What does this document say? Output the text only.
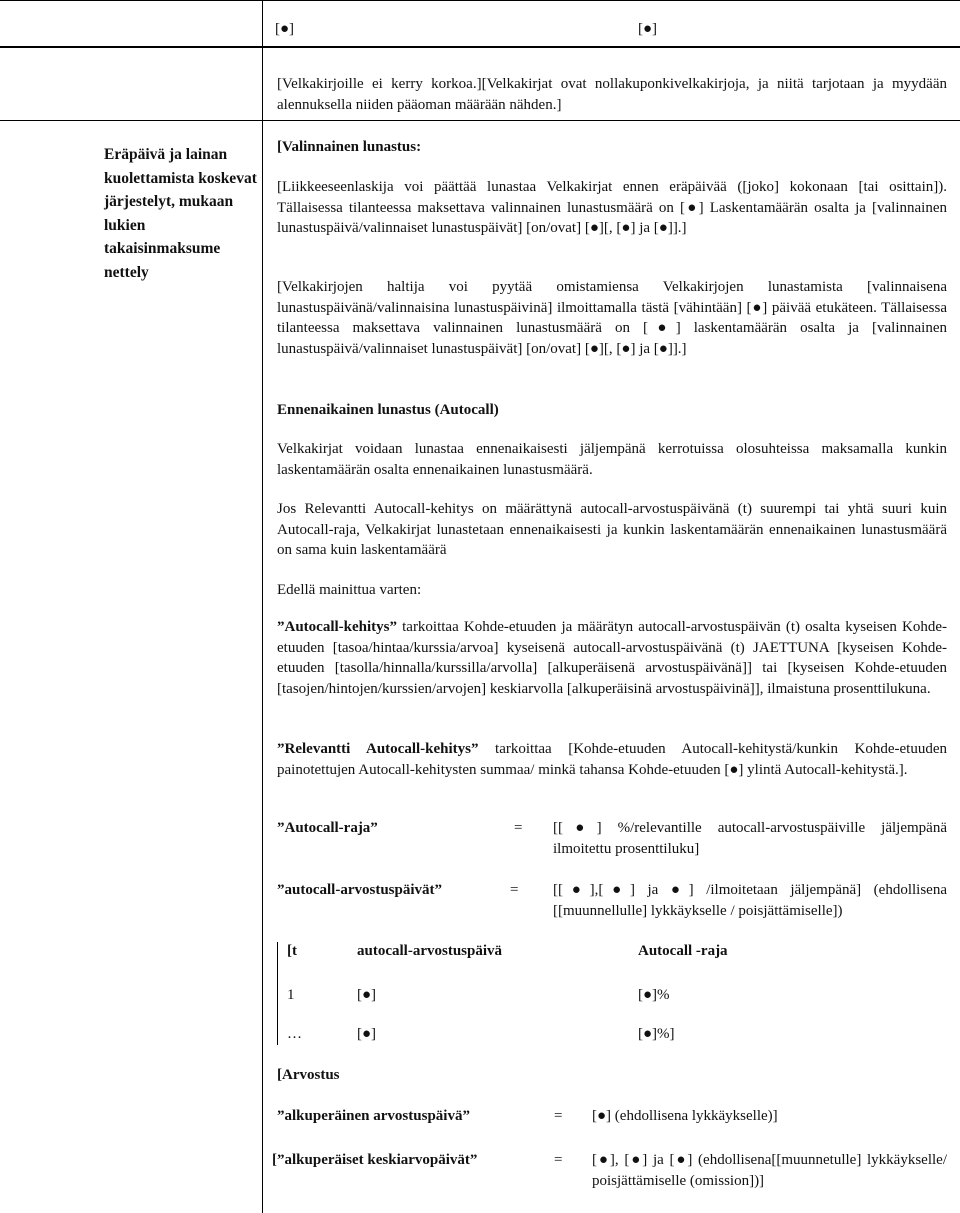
[●]	[●]
[Velkakirjoille ei kerry korkoa.][Velkakirjat ovat nollakuponkivelkakirjoja, ja niitä tarjotaan ja myydään alennuksella niiden pääoman määrään nähden.]
Eräpäivä ja lainan kuolettamista koskevat järjestelyt, mukaan lukien takaisinmaksume nettely
[Valinnainen lunastus:
[Liikkeeseenlaskija voi päättää lunastaa Velkakirjat ennen eräpäivää ([joko] kokonaan [tai osittain]). Tällaisessa tilanteessa maksettava valinnainen lunastusmäärä on [●] Laskentamäärän osalta ja [valinnainen lunastuspäivä/valinnaiset lunastuspäivät] [on/ovat] [●][, [●] ja [●]].]
[Velkakirjojen haltija voi pyytää omistamiensa Velkakirjojen lunastamista [valinnaisena lunastuspäivänä/valinnaisina lunastuspäivinä] ilmoittamalla tästä [vähintään] [●] päivää etukäteen. Tällaisessa tilanteessa maksettava valinnainen lunastusmäärä on [●] laskentamäärän osalta ja [valinnainen lunastuspäivä/valinnaiset lunastuspäivät] [on/ovat] [●][, [●] ja [●]].]
Ennenaikainen lunastus (Autocall)
Velkakirjat voidaan lunastaa ennenaikaisesti jäljempänä kerrotuissa olosuhteissa maksamalla kunkin laskentamäärän osalta ennenaikainen lunastusmäärä.
Jos Relevantti Autocall-kehitys on määrättynä autocall-arvostuspäivänä (t) suurempi tai yhtä suuri kuin Autocall-raja, Velkakirjat lunastetaan ennenaikaisesti ja kunkin laskentamäärän ennenaikainen lunastusmäärä on sama kuin laskentamäärä
Edellä mainittua varten:
”Autocall-kehitys” tarkoittaa Kohde-etuuden ja määrätyn autocall-arvostuspäivän (t) osalta kyseisen Kohde-etuuden [tasoa/hintaa/kurssia/arvoa] kyseisenä autocall-arvostuspäivänä (t) JAETTUNA [kyseisen Kohde-etuuden [tasolla/hinnalla/kurssilla/arvolla] [alkuperäisenä arvostuspäivänä]] tai [kyseisen Kohde-etuuden [tasojen/hintojen/kurssien/arvojen] keskiarvolla [alkuperäisinä arvostuspäivinä]], ilmaistuna prosenttilukuna.
”Relevantti Autocall-kehitys” tarkoittaa [Kohde-etuuden Autocall-kehitystä/kunkin Kohde-etuuden painotettujen Autocall-kehitysten summaa/ minkä tahansa Kohde-etuuden [●] ylintä Autocall-kehitystä.].
”Autocall-raja”	= [[●] %/relevantille autocall-arvostuspäiville jäljempänä ilmoitettu prosenttiluku]
”autocall-arvostuspäivät”	= [[●],[●] ja ●] /ilmoitetaan jäljempänä] (ehdollisena [[muunnellulle] lykkäykselle / poisjättämiselle])
[t	autocall-arvostuspäivä	Autocall -raja
1	[●]	[●]%
…	[●]	[●]%]
[Arvostus
”alkuperäinen arvostuspäivä”	= [●] (ehdollisena lykkäykselle)]
[”alkuperäiset keskiarvopäivät”	= [●], [●] ja [●] (ehdollisena[[muunnetulle] lykkäykselle/ poisjättämiselle (omission])]
